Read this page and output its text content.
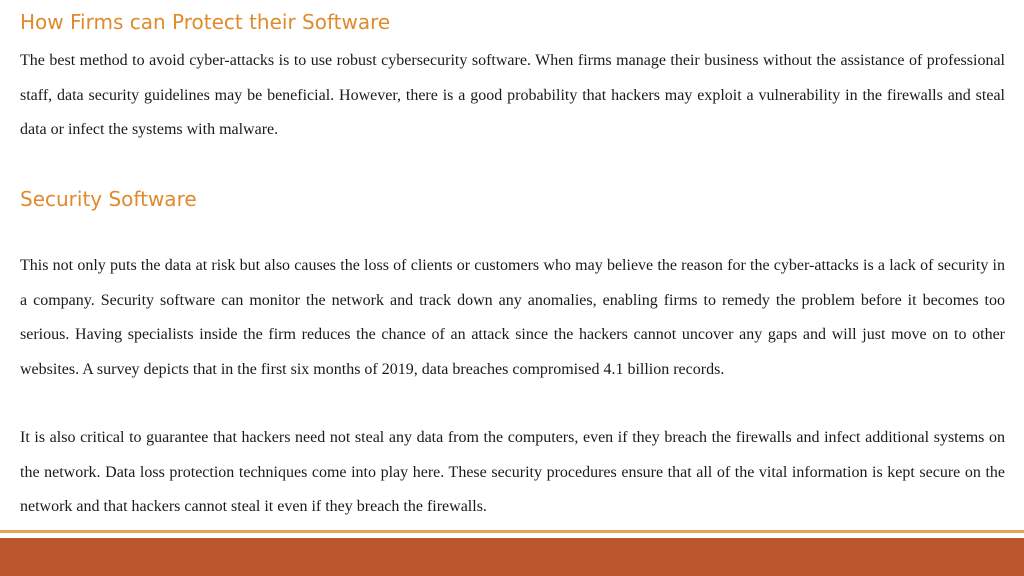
How Firms can Protect their Software

The best method to avoid cyber-attacks is to use robust cybersecurity software. When firms manage their business without the assistance of professional staff, data security guidelines may be beneficial. However, there is a good probability that hackers may exploit a vulnerability in the firewalls and steal data or infect the systems with malware.

Security Software

This not only puts the data at risk but also causes the loss of clients or customers who may believe the reason for the cyber-attacks is a lack of security in a company. Security software can monitor the network and track down any anomalies, enabling firms to remedy the problem before it becomes too serious. Having specialists inside the firm reduces the chance of an attack since the hackers cannot uncover any gaps and will just move on to other websites. A survey depicts that in the first six months of 2019, data breaches compromised 4.1 billion records.

It is also critical to guarantee that hackers need not steal any data from the computers, even if they breach the firewalls and infect additional systems on the network. Data loss protection techniques come into play here. These security procedures ensure that all of the vital information is kept secure on the network and that hackers cannot steal it even if they breach the firewalls.
